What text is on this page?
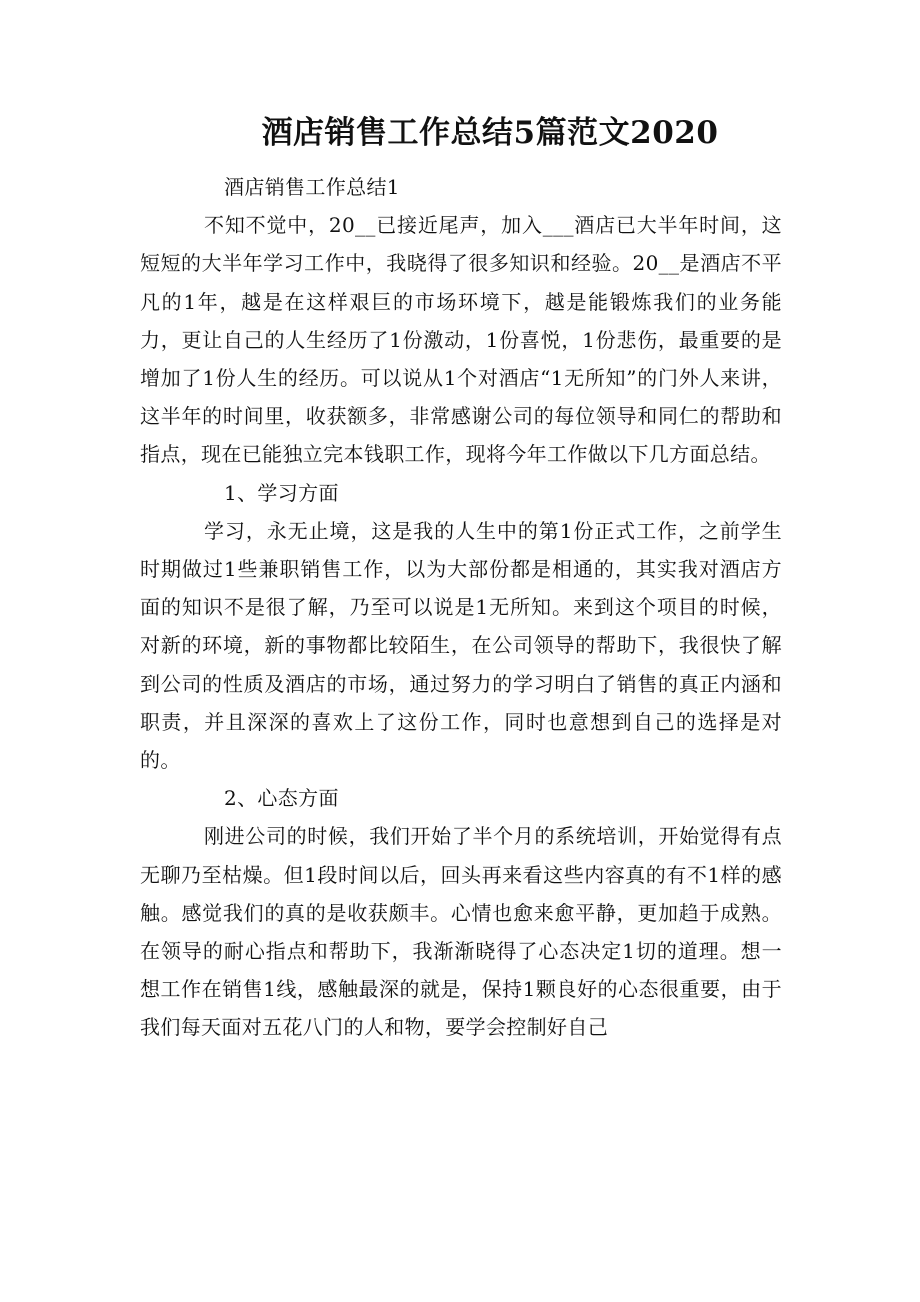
酒店销售工作总结5篇范文2020

酒店销售工作总结1

不知不觉中，20__已接近尾声，加入___酒店已大半年时间，这短短的大半年学习工作中，我晓得了很多知识和经验。20__是酒店不平凡的1年，越是在这样艰巨的市场环境下，越是能锻炼我们的业务能力，更让自己的人生经历了1份激动，1份喜悦，1份悲伤，最重要的是增加了1份人生的经历。可以说从1个对酒店“1无所知”的门外人来讲，这半年的时间里，收获额多，非常感谢公司的每位领导和同仁的帮助和指点，现在已能独立完本钱职工作，现将今年工作做以下几方面总结。

1、学习方面

学习，永无止境，这是我的人生中的第1份正式工作，之前学生时期做过1些兼职销售工作，以为大部份都是相通的，其实我对酒店方面的知识不是很了解，乃至可以说是1无所知。来到这个项目的时候，对新的环境，新的事物都比较陌生，在公司领导的帮助下，我很快了解到公司的性质及酒店的市场，通过努力的学习明白了销售的真正内涵和职责，并且深深的喜欢上了这份工作，同时也意想到自己的选择是对的。

2、心态方面

刚进公司的时候，我们开始了半个月的系统培训，开始觉得有点无聊乃至枯燥。但1段时间以后，回头再来看这些内容真的有不1样的感触。感觉我们的真的是收获颇丰。心情也愈来愈平静，更加趋于成熟。在领导的耐心指点和帮助下，我渐渐晓得了心态决定1切的道理。想一想工作在销售1线，感触最深的就是，保持1颗良好的心态很重要，由于我们每天面对五花八门的人和物，要学会控制好自己
